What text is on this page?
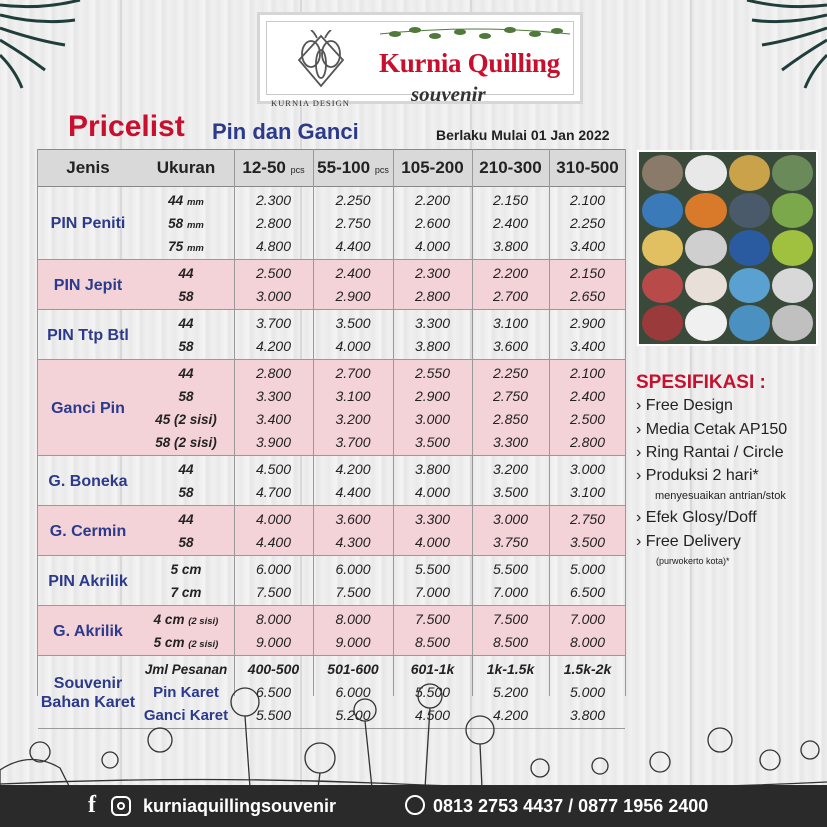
KURNIA DESIGN
Kurnia Quilling
souvenir
Pricelist Pin dan Ganci	Berlaku Mulai 01 Jan 2022
Jenis	Ukuran	12-50 pcs 55-100 pcs 105-200 210-300 310-500
PIN Peniti
44 mm	2.300	2.250	2.200	2.150	2.100
58 mm	2.800	2.750	2.600	2.400	2.250
75 mm	4.800	4.400	4.000	3.800	3.400
PIN Jepit
44	2.500	2.400	2.300	2.200	2.150
58	3.000	2.900	2.800	2.700	2.650
PIN Ttp Btl
44	3.700	3.500	3.300	3.100	2.900
58	4.200	4.000	3.800	3.600	3.400
Ganci Pin
44	2.800	2.700	2.550	2.250	2.100
58	3.300	3.100	2.900	2.750	2.400
45 (2 sisi)	3.400	3.200	3.000	2.850	2.500
58 (2 sisi)	3.900	3.700	3.500	3.300	2.800
G. Boneka
44	4.500	4.200	3.800	3.200	3.000
58	4.700	4.400	4.000	3.500	3.100
G. Cermin
44	4.000	3.600	3.300	3.000	2.750
58	4.400	4.300	4.000	3.750	3.500
PIN Akrilik
5 cm	6.000	6.000	5.500	5.500	5.000
7 cm	7.500	7.500	7.000	7.000	6.500
G. Akrilik
4 cm (2 sisi)	8.000	8.000	7.500	7.500	7.000
5 cm (2 sisi)	9.000	9.000	8.500	8.500	8.000
Souvenir Bahan Karet
Jml Pesanan	400-500	501-600	601-1k	1k-1.5k	1.5k-2k
Pin Karet	6.500	6.000	5.500	5.200	5.000
Ganci Karet	5.500	5.200	4.500	4.200	3.800
SPESIFIKASI :
› Free Design
› Media Cetak AP150
› Ring Rantai / Circle
› Produksi 2 hari*
menyesuaikan antrian/stok
› Efek Glosy/Doff
› Free Delivery
(purwokerto kota)*
f	kurniaquillingsouvenir	0813 2753 4437 / 0877 1956 2400
